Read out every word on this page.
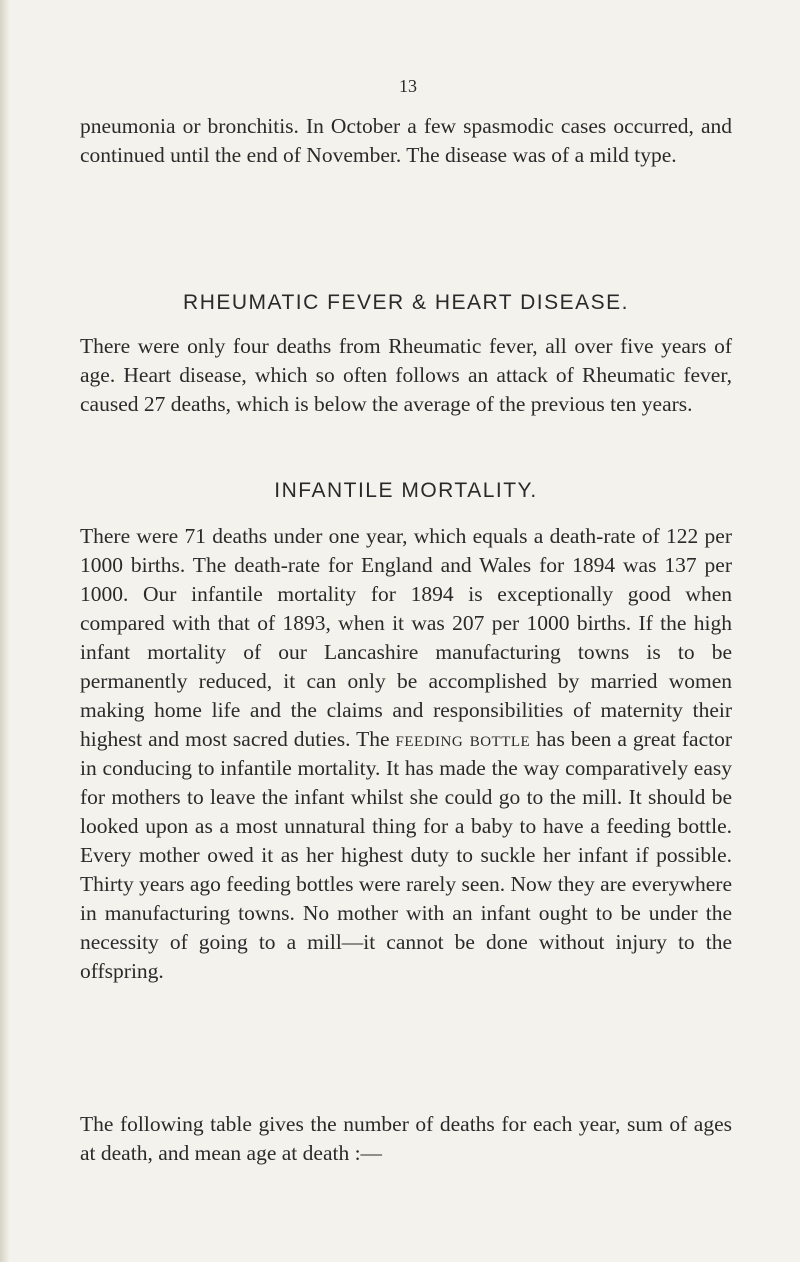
13

pneumonia or bronchitis. In October a few spasmodic cases occurred, and continued until the end of November. The disease was of a mild type.

RHEUMATIC FEVER & HEART DISEASE.

There were only four deaths from Rheumatic fever, all over five years of age. Heart disease, which so often follows an attack of Rheumatic fever, caused 27 deaths, which is below the average of the previous ten years.

INFANTILE MORTALITY.

There were 71 deaths under one year, which equals a death-rate of 122 per 1000 births. The death-rate for England and Wales for 1894 was 137 per 1000. Our infantile mortality for 1894 is exceptionally good when compared with that of 1893, when it was 207 per 1000 births. If the high infant mortality of our Lancashire manufacturing towns is to be permanently reduced, it can only be accomplished by married women making home life and the claims and responsibilities of maternity their highest and most sacred duties. The feeding bottle has been a great factor in conducing to infantile mortality. It has made the way comparatively easy for mothers to leave the infant whilst she could go to the mill. It should be looked upon as a most unnatural thing for a baby to have a feeding bottle. Every mother owed it as her highest duty to suckle her infant if possible. Thirty years ago feeding bottles were rarely seen. Now they are everywhere in manufacturing towns. No mother with an infant ought to be under the necessity of going to a mill—it cannot be done without injury to the offspring.

The following table gives the number of deaths for each year, sum of ages at death, and mean age at death :—
